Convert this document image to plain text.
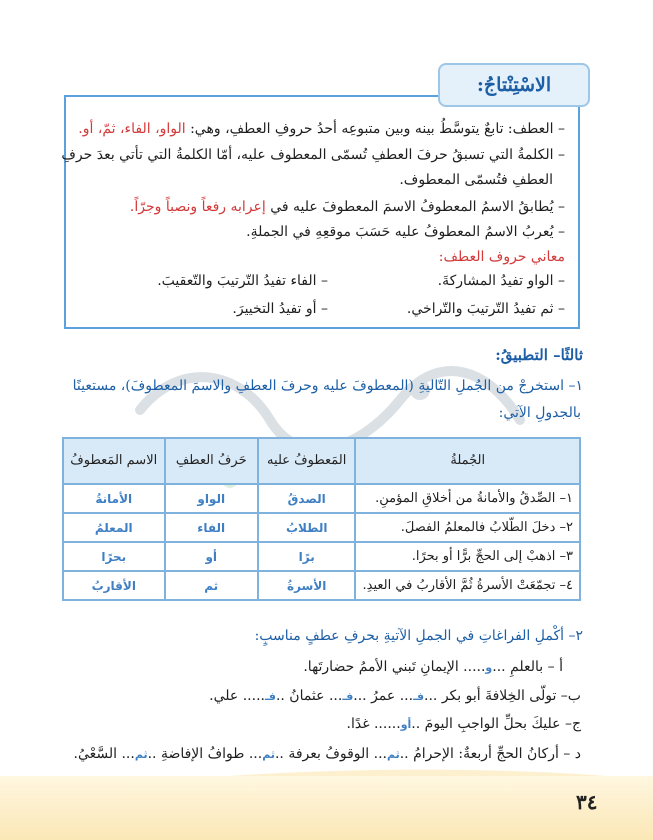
الاسْتِنْتاجُ:
– العطف: تابعٌ يتوسَّطُ بينه وبين متبوعِه أحدُ حروفِ العطفِ، وهي: الواو، الفاء، ثمّ، أو.
– الكلمةُ التي تسبقُ حرفَ العطفِ تُسمّى المعطوف عليه، أمّا الكلمةُ التي تأتي بعدَ حرفِ
العطفِ فتُسمّى المعطوف.
– يُطابقُ الاسمُ المعطوفُ الاسمَ المعطوفَ عليه في إعرابه رفعاً ونصباً وجرّاً.
– يُعربُ الاسمُ المعطوفُ عليه حَسَبَ موقعِهِ في الجملةِ.
معاني حروف العطف:
– الواو تفيدُ المشاركةَ.
– الفاء تفيدُ التّرتيبَ والتّعقيبَ.
– ثم تفيدُ التّرتيبَ والتّراخي.
– أو تفيدُ التخييرَ.
ثالثًا– التطبيقُ:
١– استخرجْ من الجُملِ التّاليةِ (المعطوفَ عليه وحرفَ العطفِ والاسمَ المعطوفَ)، مستعينًا
بالجدولِ الآتي:
الجُملةُ	المَعطوفُ عليه	حَرفُ العطفِ	الاسم المَعطوفُ
١– الصِّدقُ والأمانةُ من أخلاقِ المؤمنِ.	الصدقُ	الواو	الأمانةُ
٢– دخلَ الطّلابُ فالمعلمُ الفصلَ.	الطلابُ	الفاء	المعلمُ
٣– اذهبْ إلى الحجِّ برًّا أو بحرًا.	برًا	أو	بحرًا
٤– تجمّعَتْ الأسرةُ ثُمَّ الأقاربُ في العيدِ.	الأسرةُ	ثم	الأقاربُ
٢– أكْملِ الفراغاتِ في الجملِ الآتيةِ بحرفِ عطفٍ مناسبٍ:
أ – بالعلمِ ...و..... الإيمانِ تَبني الأممُ حضارتَها.
ب– تولّى الخِلافةَ أبو بكر ...فـ... عمرُ ...فـ... عثمانُ ..فـ..... علي.
ج– عليكَ بحلِّ الواجبِ اليومَ ..أو...... غدًا.
د – أركانُ الحجِّ أربعةٌ: الإحرامُ ..ثم... الوقوفُ بعرفة ..ثم... طوافُ الإفاضةِ ..ثم... السَّعْيُ.
٣٤
